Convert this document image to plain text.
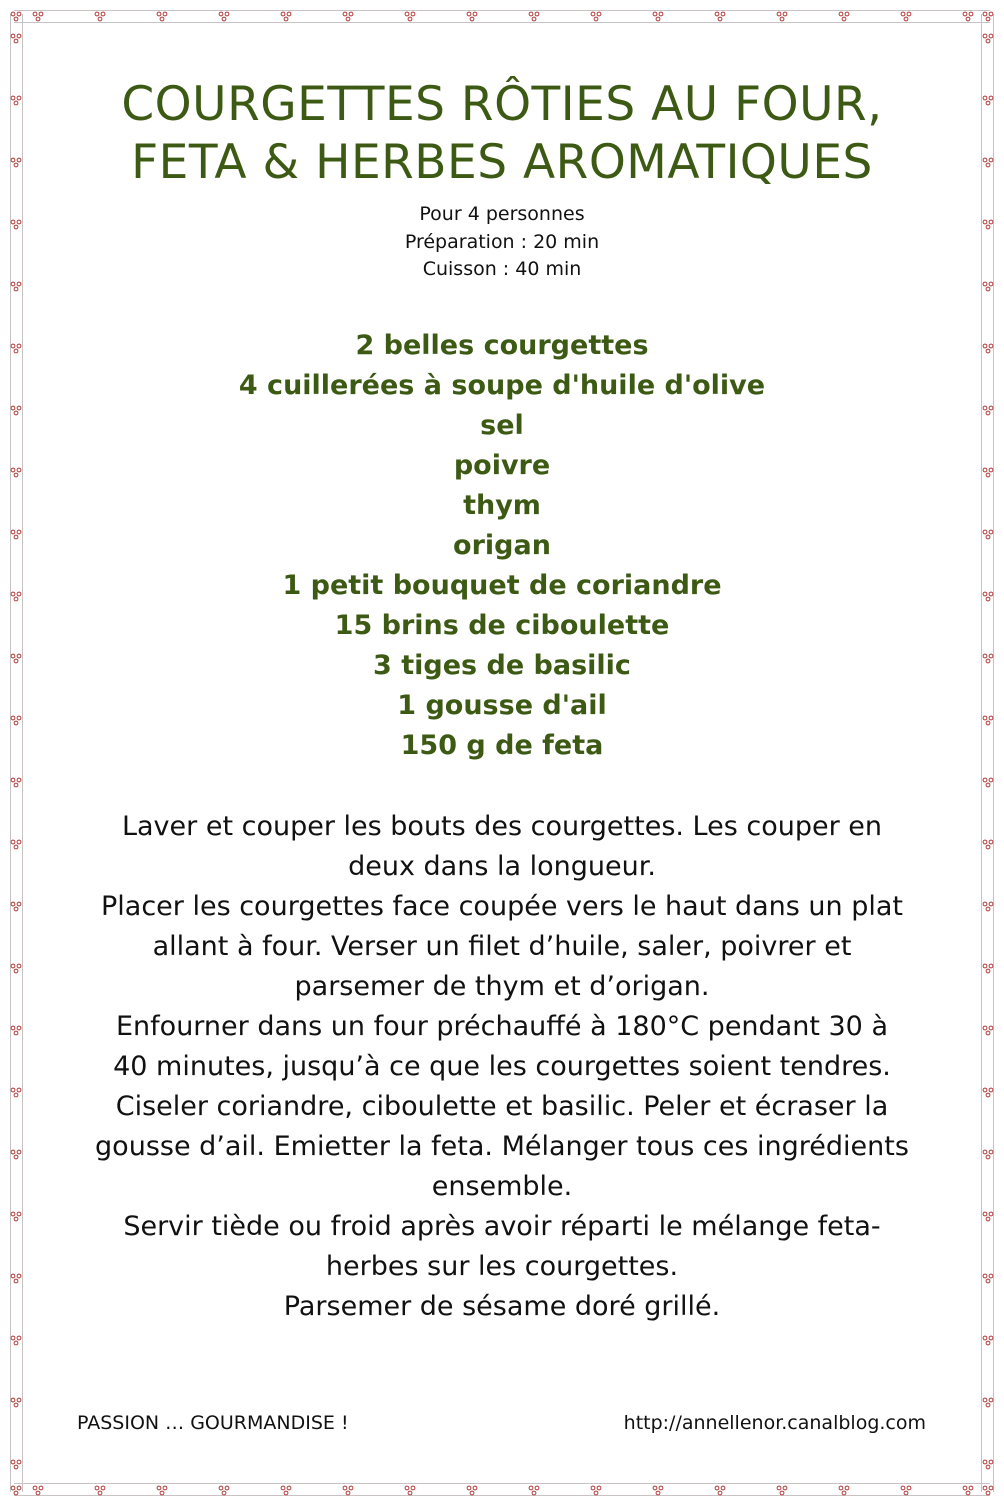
COURGETTES RÔTIES AU FOUR,
FETA & HERBES AROMATIQUES
Pour 4 personnes
Préparation : 20 min
Cuisson : 40 min
2 belles courgettes
4 cuillerées à soupe d'huile d'olive
sel
poivre
thym
origan
1 petit bouquet de coriandre
15 brins de ciboulette
3 tiges de basilic
1 gousse d'ail
150 g de feta
Laver et couper les bouts des courgettes. Les couper en
deux dans la longueur.
Placer les courgettes face coupée vers le haut dans un plat
allant à four. Verser un filet d’huile, saler, poivrer et
parsemer de thym et d’origan.
Enfourner dans un four préchauffé à 180°C pendant 30 à
40 minutes, jusqu’à ce que les courgettes soient tendres.
Ciseler coriandre, ciboulette et basilic. Peler et écraser la
gousse d’ail. Emietter la feta. Mélanger tous ces ingrédients
ensemble.
Servir tiède ou froid après avoir réparti le mélange feta-
herbes sur les courgettes.
Parsemer de sésame doré grillé.
PASSION … GOURMANDISE !	http://annellenor.canalblog.com
